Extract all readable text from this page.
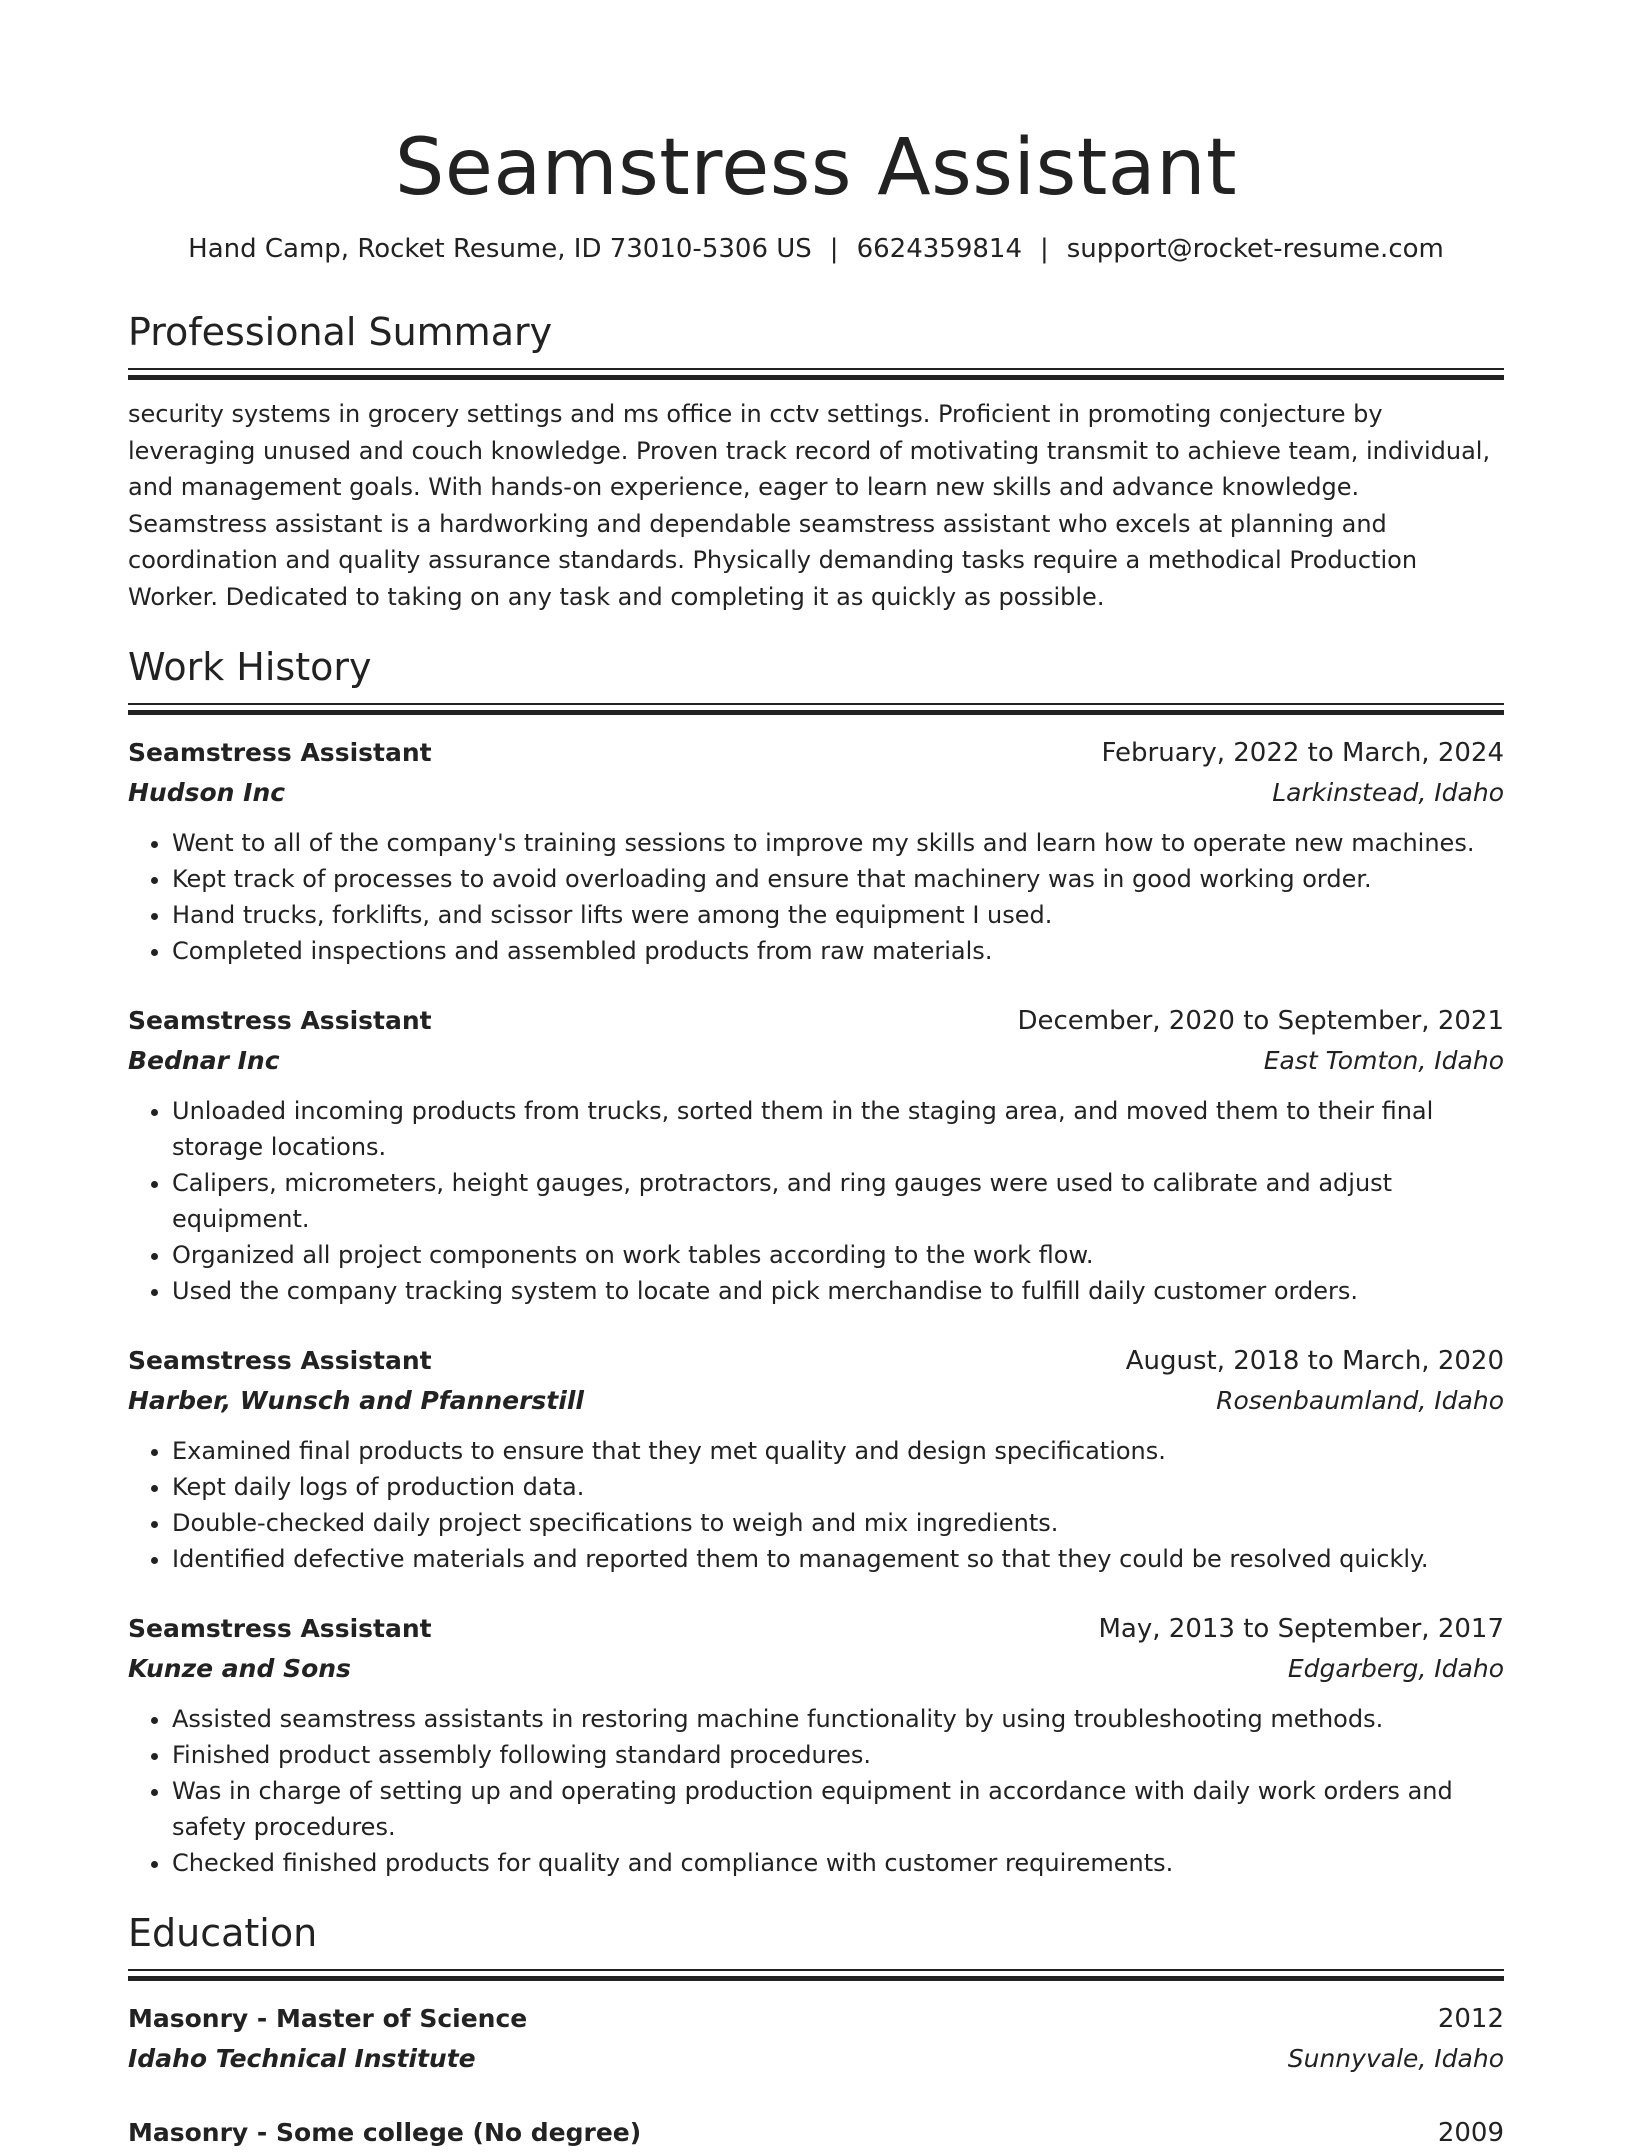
Seamstress Assistant
Hand Camp, Rocket Resume, ID 73010-5306 US | 6624359814 | support@rocket-resume.com
Professional Summary

security systems in grocery settings and ms office in cctv settings. Proficient in promoting conjecture by leveraging unused and couch knowledge. Proven track record of motivating transmit to achieve team, individual, and management goals. With hands-on experience, eager to learn new skills and advance knowledge. Seamstress assistant is a hardworking and dependable seamstress assistant who excels at planning and coordination and quality assurance standards. Physically demanding tasks require a methodical Production Worker. Dedicated to taking on any task and completing it as quickly as possible.

Work History
Seamstress Assistant	February, 2022 to March, 2024
Hudson Inc	Larkinstead, Idaho
• Went to all of the company's training sessions to improve my skills and learn how to operate new machines.
• Kept track of processes to avoid overloading and ensure that machinery was in good working order.
• Hand trucks, forklifts, and scissor lifts were among the equipment I used.
• Completed inspections and assembled products from raw materials.
Seamstress Assistant	December, 2020 to September, 2021
Bednar Inc	East Tomton, Idaho
• Unloaded incoming products from trucks, sorted them in the staging area, and moved them to their final storage locations.
• Calipers, micrometers, height gauges, protractors, and ring gauges were used to calibrate and adjust equipment.
• Organized all project components on work tables according to the work flow.
• Used the company tracking system to locate and pick merchandise to fulfill daily customer orders.
Seamstress Assistant	August, 2018 to March, 2020
Harber, Wunsch and Pfannerstill	Rosenbaumland, Idaho
• Examined final products to ensure that they met quality and design specifications.
• Kept daily logs of production data.
• Double-checked daily project specifications to weigh and mix ingredients.
• Identified defective materials and reported them to management so that they could be resolved quickly.
Seamstress Assistant	May, 2013 to September, 2017
Kunze and Sons	Edgarberg, Idaho
• Assisted seamstress assistants in restoring machine functionality by using troubleshooting methods.
• Finished product assembly following standard procedures.
• Was in charge of setting up and operating production equipment in accordance with daily work orders and safety procedures.
• Checked finished products for quality and compliance with customer requirements.
Education
Masonry - Master of Science	2012
Idaho Technical Institute	Sunnyvale, Idaho
Masonry - Some college (No degree)	2009
